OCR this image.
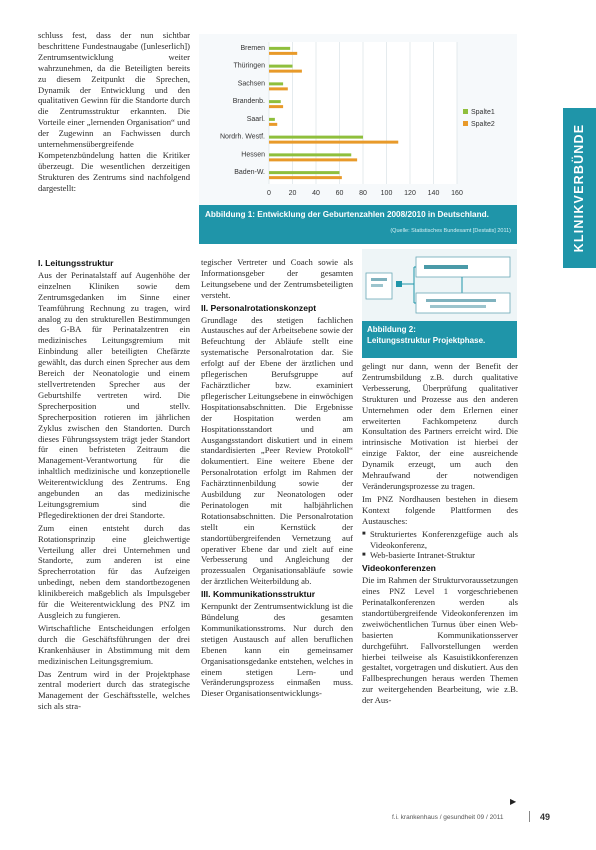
KLINIKVERBÜNDE

schluss fest, dass der nun sichtbar beschrittene Fundestnaugabe ([unleserlich]) Zentrumsentwicklung weiter wahrzunehmen, da die Beteiligten bereits zu diesem Zeitpunkt die Sprechen, Dynamik der Entwicklung und den qualitativen Gewinn für die Standorte durch die Zentrumsstruktur erkannten. Die Vorteile einer „lernenden Organisation“ und der Zugewinn an Fachwissen durch unternehmensübergreifende Kompetenzbündelung hatten die Kritiker überzeugt. Die wesentlichen derzeitigen Strukturen des Zentrums sind nachfolgend dargestellt:

0	20 40 60 80 100 120 140 160
Bremen
Thüringen
Sachsen
Brandenb.
Saarl.
Nordrh. Westf.
Hessen
Baden-W.
Spalte1
Spalte2
Abbildung 1: Entwicklung der Geburtenzahlen 2008/2010 in Deutschland.
(Quelle: Statistisches Bundesamt [Destatis] 2011)
Abbildung 2:
Leitungsstruktur Projektphase.
I. Leitungsstruktur

Aus der Perinatalstaff auf Augenhöhe der einzelnen Kliniken sowie dem Zentrumsgedanken im Sinne einer Teamführung Rechnung zu tragen, wird analog zu den strukturellen Bestimmungen des G-BA für Perinatalzentren ein medizinisches Leitungsgremium mit Einbindung aller beteiligten Chefärzte gewählt, das durch einen Sprecher aus dem Bereich der Neonatologie und einem stellvertretenden Sprecher aus der Geburtshilfe vertreten wird. Die Sprecherposition und stellv. Sprecherposition rotieren im jährlichen Zyklus zwischen den Standorten. Durch dieses Führungssystem trägt jeder Standort für einen befristeten Zeitraum die Management-Verantwortung für die inhaltlich medizinische und konzeptionelle Weiterentwicklung des Zentrums. Eng angebunden an das medizinische Leitungsgremium sind die Pflegedirektionen der drei Standorte.

Zum einen entsteht durch das Rotationsprinzip eine gleichwertige Verteilung aller drei Unternehmen und Standorte, zum anderen ist eine Sprecherrotation für das Aufzeigen unbedingt, neben dem standortbezogenen klinikbereich maßgeblich als Impulsgeber für die Weiterentwicklung des PNZ im Ausgleich zu fungieren.

Wirtschaftliche Entscheidungen erfolgen durch die Geschäftsführungen der drei Krankenhäuser in Abstimmung mit dem medizinischen Leitungsgremium.

Das Zentrum wird in der Projektphase zentral moderiert durch das strategische Management der Geschäftsstelle, welches sich als stra-

tegischer Vertreter und Coach sowie als Informationsgeber der gesamten Leitungsebene und der Zentrumsbeteiligten versteht.

II. Personalrotationskonzept

Grundlage des stetigen fachlichen Austausches auf der Arbeitsebene sowie der Befeuchtung der Abläufe stellt eine systematische Personalrotation dar. Sie erfolgt auf der Ebene der ärztlichen und pflegerischen Berufsgruppe auf Fachärztlicher bzw. examiniert pflegerischer Leitungsebene in einwöchigen Hospitationsabschnitten. Die Ergebnisse der Hospitation werden am Hospitationsstandort und am Ausgangsstandort diskutiert und in einem standardisierten „Peer Review Protokoll“ dokumentiert. Eine weitere Ebene der Personalrotation erfolgt im Rahmen der Fachärztinnenbildung sowie der Ausbildung zur Neonatologen oder Perinatologen mit halbjährlichen Rotationsabschnitten. Die Personalrotation stellt ein Kernstück der standortübergreifenden Vernetzung auf operativer Ebene dar und zielt auf eine Verbesserung und Angleichung der prozessualen Organisationsabläufe sowie der ärztlichen Weiterbildung ab.

III. Kommunikationsstruktur

Kernpunkt der Zentrumsentwicklung ist die Bündelung des gesamten Kommunikationsstroms. Nur durch den stetigen Austausch auf allen beruflichen Ebenen kann ein gemeinsamer Organisationsgedanke entstehen, welches in einem stetigen Lern- und Veränderungsprozess einmaßen muss. Dieser Organisationsentwicklungs-

gelingt nur dann, wenn der Benefit der Zentrumsbildung z.B. durch qualitative Verbesserung, Überprüfung qualitativer Strukturen und Prozesse aus den anderen Unternehmen oder dem Erlernen einer erweiterten Fachkompetenz durch Konsultation des Partners erreicht wird. Die intrinsische Motivation ist hierbei der einzige Faktor, der eine ausreichende Dynamik erzeugt, um auch den Mehraufwand der notwendigen Veränderungsprozesse zu tragen.

Im PNZ Nordhausen bestehen in diesem Kontext folgende Plattformen des Austausches:

■ Strukturiertes Konferenzgefüge auch als Videokonferenz,
■ Web-basierte Intranet-Struktur
Videokonferenzen

Die im Rahmen der Strukturvoraussetzungen eines PNZ Level 1 vorgeschriebenen Perinatalkonferenzen werden als standortübergreifende Videokonferenzen im zweiwöchentlichen Turnus über einen Web-basierten Kommunikationsserver durchgeführt. Fallvorstellungen werden hierbei teilweise als Kasuistikkonferenzen gestaltet, vorgetragen und diskutiert. Aus den Fallbesprechungen heraus werden Themen zur weitergehenden Bearbeitung, wie z.B. der Aus-

▶
f.i. krankenhaus / gesundheit 09 / 2011	49
